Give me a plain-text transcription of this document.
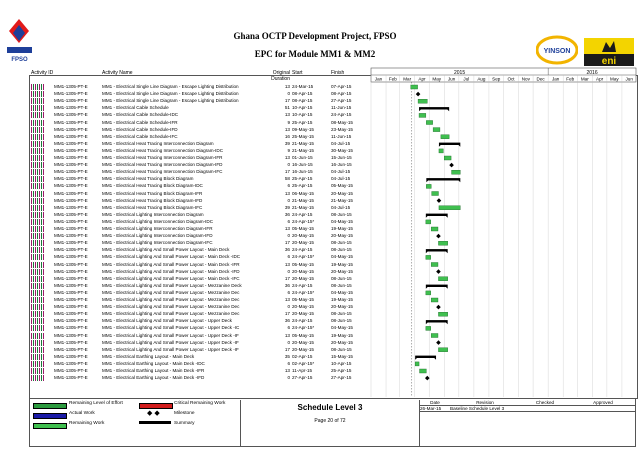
FPSO
Ghana OCTP Development Project, FPSO
EPC for Module MM1 & MM2	YINSON
eni
Activity ID	Activity Name	Original Duration
Start	Finish
MM1-1305-PT-E	MM1 - Electrical Single Line Diagram - Escape Lighting Distribution	13 24-Mar-15	07-Apr-15
MM1-1305-PT-E	MM1 - Electrical Single Line Diagram - Escape Lighting Distribution	0 08-Apr-15	08-Apr-15
MM1-1305-PT-E	MM1 - Electrical Single Line Diagram - Escape Lighting Distribution	17 08-Apr-15	27-Apr-15
MM1-1305-PT-E	MM1 - Electrical Cable Schedule	51 10-Apr-15	11-Jun-15
MM1-1305-PT-E	MM1 - Electrical Cable Schedule-IDC	13 10-Apr-15	24-Apr-15
MM1-1305-PT-E	MM1 - Electrical Cable Schedule-IFR	9 25-Apr-15	08-May-15
MM1-1305-PT-E	MM1 - Electrical Cable Schedule-IFD	13 09-May-15	23-May-15
MM1-1305-PT-E	MM1 - Electrical Cable Schedule-IFC	16 25-May-15	11-Jun-15
MM1-1305-PT-E	MM1 - Electrical Heat Tracing Interconnection Diagram	39 21-May-15	04-Jul-15
MM1-1305-PT-E	MM1 - Electrical Heat Tracing Interconnection Diagram-IDC	9 21-May-15	30-May-15
MM1-1305-PT-E	MM1 - Electrical Heat Tracing Interconnection Diagram-IFR	13 01-Jun-15	15-Jun-15
MM1-1305-PT-E	MM1 - Electrical Heat Tracing Interconnection Diagram-IFD	0 16-Jun-15	16-Jun-15
MM1-1305-PT-E	MM1 - Electrical Heat Tracing Interconnection Diagram-IFC	17 16-Jun-15	04-Jul-15
MM1-1305-PT-E	MM1 - Electrical Heat Tracing Block Diagram	58 25-Apr-15	04-Jul-15
MM1-1305-PT-E	MM1 - Electrical Heat Tracing Block Diagram-IDC	6 25-Apr-15	05-May-15
MM1-1305-PT-E	MM1 - Electrical Heat Tracing Block Diagram-IFR	13 06-May-15	20-May-15
MM1-1305-PT-E	MM1 - Electrical Heat Tracing Block Diagram-IFD	0 21-May-15	21-May-15
MM1-1305-PT-E	MM1 - Electrical Heat Tracing Block Diagram-IFC	39 21-May-15	04-Jul-15
MM1-1305-PT-E	MM1 - Electrical Lighting Interconnection Diagram	36 24-Apr-15	08-Jun-15
MM1-1305-PT-E	MM1 - Electrical Lighting Interconnection Diagram-IDC	6 24-Apr-15*	04-May-15
MM1-1305-PT-E	MM1 - Electrical Lighting Interconnection Diagram-IFR	13 05-May-15	19-May-15
MM1-1305-PT-E	MM1 - Electrical Lighting Interconnection Diagram-IFD	0 20-May-15	20-May-15
MM1-1305-PT-E	MM1 - Electrical Lighting Interconnection Diagram-IFC	17 20-May-15	08-Jun-15
MM1-1305-PT-E	MM1 - Electrical Lighting And Small Power Layout - Main Deck	36 24-Apr-15	08-Jun-15
MM1-1305-PT-E	MM1 - Electrical Lighting And Small Power Layout - Main Deck -IDC	6 24-Apr-15*	04-May-15
MM1-1305-PT-E	MM1 - Electrical Lighting And Small Power Layout - Main Deck -IFR	13 05-May-15	19-May-15
MM1-1305-PT-E	MM1 - Electrical Lighting And Small Power Layout - Main Deck -IFD	0 20-May-15	20-May-15
MM1-1305-PT-E	MM1 - Electrical Lighting And Small Power Layout - Main Deck -IFC	17 20-May-15	08-Jun-15
MM1-1305-PT-E	MM1 - Electrical Lighting And Small Power Layout - Mezzanine Deck	36 24-Apr-15	08-Jun-15
MM1-1305-PT-E	MM1 - Electrical Lighting And Small Power Layout - Mezzanine Dec	6 24-Apr-15*	04-May-15
MM1-1305-PT-E	MM1 - Electrical Lighting And Small Power Layout - Mezzanine Dec	13 05-May-15	19-May-15
MM1-1305-PT-E	MM1 - Electrical Lighting And Small Power Layout - Mezzanine Dec	0 20-May-15	20-May-15
MM1-1305-PT-E	MM1 - Electrical Lighting And Small Power Layout - Mezzanine Dec	17 20-May-15	08-Jun-15
MM1-1305-PT-E	MM1 - Electrical Lighting And Small Power Layout - Upper Deck	36 24-Apr-15	08-Jun-15
MM1-1305-PT-E	MM1 - Electrical Lighting And Small Power Layout - Upper Deck -IC	6 24-Apr-15*	04-May-15
MM1-1305-PT-E	MM1 - Electrical Lighting And Small Power Layout - Upper Deck -IF	13 05-May-15	19-May-15
MM1-1305-PT-E	MM1 - Electrical Lighting And Small Power Layout - Upper Deck -IF	0 20-May-15	20-May-15
MM1-1305-PT-E	MM1 - Electrical Lighting And Small Power Layout - Upper Deck -IF	17 20-May-15	08-Jun-15
MM1-1305-PT-E	MM1 - Electrical Earthing Layout - Main Deck	35 02-Apr-15	15-May-15
MM1-1305-PT-E	MM1 - Electrical Earthing Layout - Main Deck -IDC	6 02-Apr-15*	10-Apr-15
MM1-1305-PT-E	MM1 - Electrical Earthing Layout - Main Deck -IFR	13 11-Apr-15	25-Apr-15
MM1-1305-PT-E	MM1 - Electrical Earthing Layout - Main Deck -IFD	0 27-Apr-15	27-Apr-15
2015	2016
Jan Feb Mar Apr May Jun Jul Aug Sep Oct Nov Dec Jan Feb Mar Apr May Jun
Remaining Level of Effort
Actual Work
Remaining Work
Critical Remaining Work
◆ ◆	Milestone
Summary
Schedule Level 3
Page 20 of 72
Date	Revision	Checked	Approved
26-Mar-15	Baseline Schedule Level 3
